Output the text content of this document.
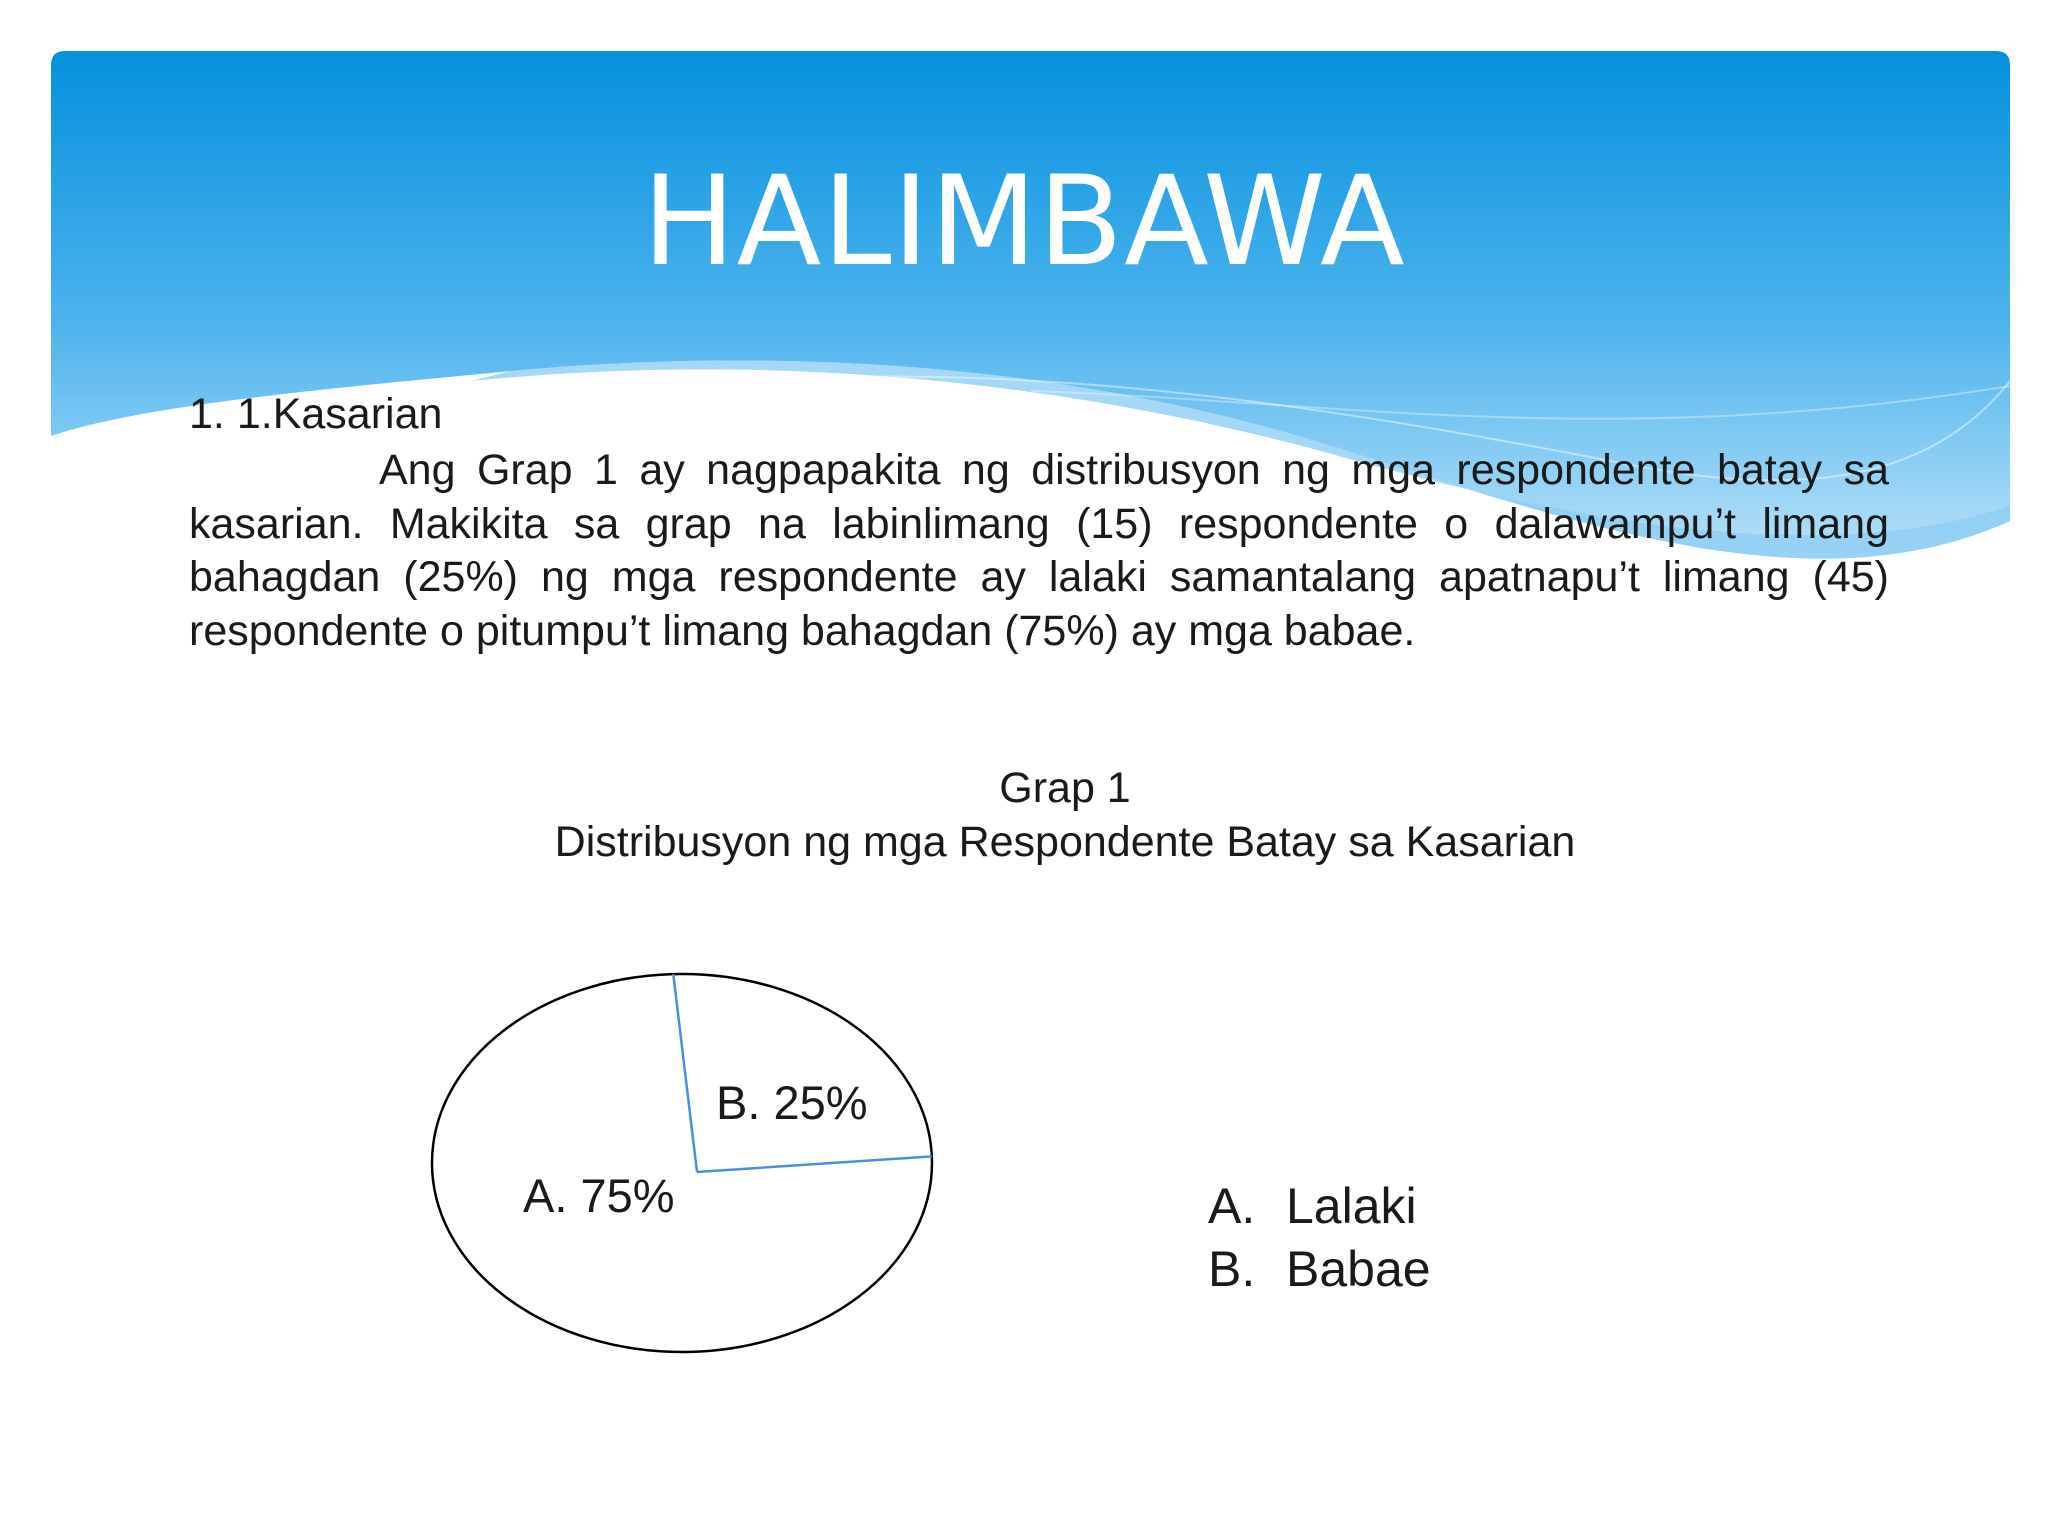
HALIMBAWA
1. 1.Kasarian

Ang Grap 1 ay nagpapakita ng distribusyon ng mga respondente batay sa kasarian. Makikita sa grap na labinlimang (15) respondente o dalawampu’t limang bahagdan (25%) ng mga respondente ay lalaki samantalang apatnapu’t limang (45) respondente o pitumpu’t limang bahagdan (75%) ay mga babae.

Grap 1
Distribusyon ng mga Respondente Batay sa Kasarian
B. 25%
A. 75%	A. Lalaki
B. Babae
